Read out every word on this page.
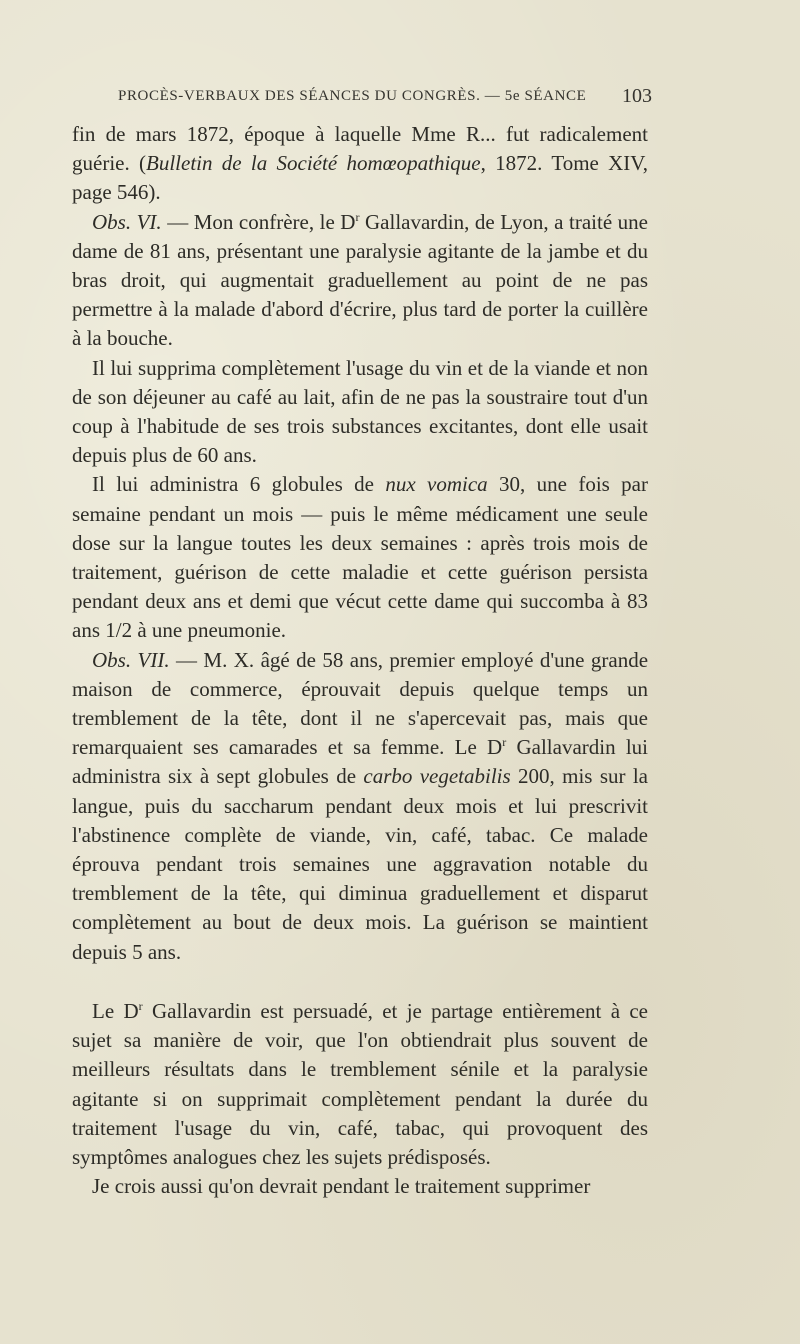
PROCÈS-VERBAUX DES SÉANCES DU CONGRÈS. — 5e SÉANCE 103

fin de mars 1872, époque à laquelle Mme R... fut radicalement guérie. (Bulletin de la Société homœopathique, 1872. Tome XIV, page 546).

Obs. VI. — Mon confrère, le $D^r$ Gallavardin, de Lyon, a traité une dame de 81 ans, présentant une paralysie agitante de la jambe et du bras droit, qui augmentait graduellement au point de ne pas permettre à la malade d'abord d'écrire, plus tard de porter la cuillère à la bouche.

Il lui supprima complètement l'usage du vin et de la viande et non de son déjeuner au café au lait, afin de ne pas la soustraire tout d'un coup à l'habitude de ses trois substances excitantes, dont elle usait depuis plus de 60 ans.

Il lui administra 6 globules de nux vomica 30, une fois par semaine pendant un mois — puis le même médicament une seule dose sur la langue toutes les deux semaines : après trois mois de traitement, guérison de cette maladie et cette guérison persista pendant deux ans et demi que vécut cette dame qui succomba à 83 ans 1/2 à une pneumonie.

Obs. VII. — M. X. âgé de 58 ans, premier employé d'une grande maison de commerce, éprouvait depuis quelque temps un tremblement de la tête, dont il ne s'apercevait pas, mais que remarquaient ses camarades et sa femme. Le $D^r$ Gallavardin lui administra six à sept globules de carbo vegetabilis 200, mis sur la langue, puis du saccharum pendant deux mois et lui prescrivit l'abstinence complète de viande, vin, café, tabac. Ce malade éprouva pendant trois semaines une aggravation notable du tremblement de la tête, qui diminua graduellement et disparut complètement au bout de deux mois. La guérison se maintient depuis 5 ans.

Le $D^r$ Gallavardin est persuadé, et je partage entièrement à ce sujet sa manière de voir, que l'on obtiendrait plus souvent de meilleurs résultats dans le tremblement sénile et la paralysie agitante si on supprimait complètement pendant la durée du traitement l'usage du vin, café, tabac, qui provoquent des symptômes analogues chez les sujets prédisposés.

Je crois aussi qu'on devrait pendant le traitement supprimer
